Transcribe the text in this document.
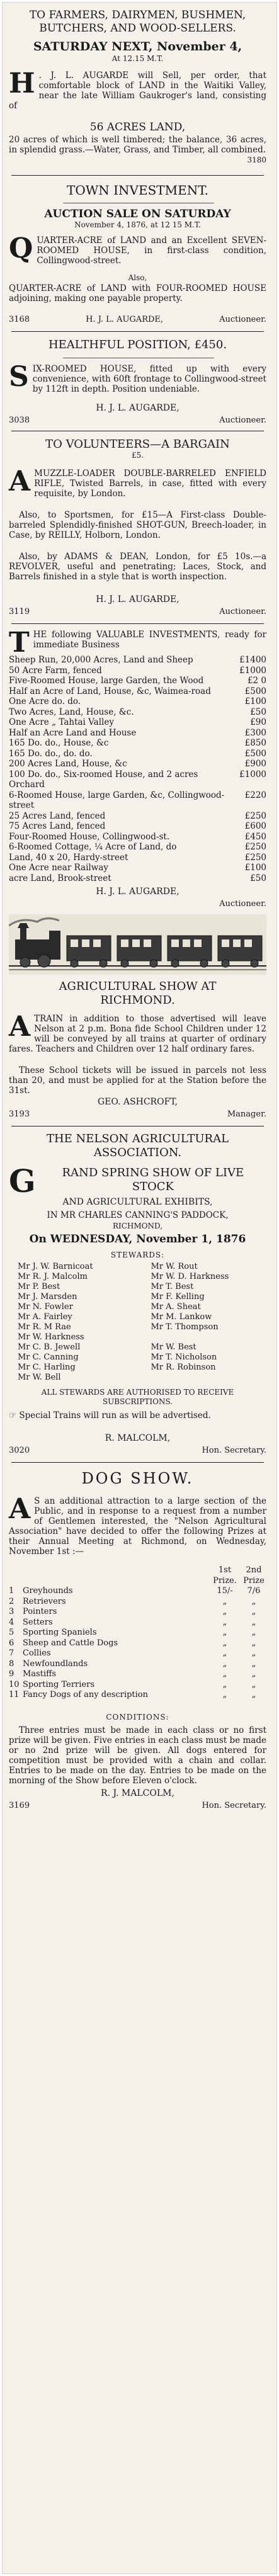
TO FARMERS, DAIRYMEN, BUSHMEN, BUTCHERS, AND WOOD-SELLERS.
SATURDAY NEXT, November 4,
At 12.15 M.T.
H . J. L. AUGARDE will Sell, per order, that comfortable block of LAND in the Waitiki Valley, near the late William Gaukroger's land, consisting of
56 ACRES LAND,
20 acres of which is well timbered; the balance, 36 acres, in splendid grass.—Water, Grass, and Timber, all combined.
3180
TOWN INVESTMENT.
AUCTION SALE ON SATURDAY
November 4, 1876, at 12 15 M.T.
QUARTER-ACRE of LAND and an Excellent SEVEN-ROOMED HOUSE, in first-class condition, Collingwood-street.
Also,
QUARTER-ACRE of LAND with FOUR-ROOMED HOUSE adjoining, making one payable property.
3168	H. J. L. AUGARDE,	Auctioneer.
HEALTHFUL POSITION, £450.
SIX-ROOMED HOUSE, fitted up with every convenience, with 60ft frontage to Collingwood-street by 112ft in depth. Position undeniable.
H. J. L. AUGARDE,
3038	Auctioneer.
TO VOLUNTEERS—A BARGAIN
£5.
AMUZZLE-LOADER DOUBLE-BARRELED ENFIELD RIFLE, Twisted Barrels, in case, fitted with every requisite, by London.
Also, to Sportsmen, for £15—A First-class Double-barreled Splendidly-finished SHOT-GUN, Breech-loader, in Case, by REILLY, Holborn, London.
Also, by ADAMS & DEAN, London, for £5 10s.—a REVOLVER, useful and penetrating; Laces, Stock, and Barrels finished in a style that is worth inspection.
H. J. L. AUGARDE,
3119	Auctioneer.
THE following VALUABLE INVESTMENTS, ready for immediate Business
Sheep Run, 20,000 Acres, Land and Sheep	£1400
50 Acre Farm, fenced	£1000
Five-Roomed House, large Garden, the Wood	£2 0
Half an Acre of Land, House, &c, Waimea-road	£500
One Acre do. do.	£100
Two Acres, Land, House, &c.	£50
One Acre „ Tahtai Valley	£90
Half an Acre Land and House	£300
165 Do. do., House, &c	£850
165 Do. do., do. do.	£500
200 Acres Land, House, &c	£900
100 Do. do., Six-roomed House, and 2 acres Orchard
£1000
6-Roomed House, large Garden, &c, Collingwood-street
£220
25 Acres Land, fenced	£250
75 Acres Land, fenced	£600
Four-Roomed House, Collingwood-st.	£450
6-Roomed Cottage, ¼ Acre of Land, do	£250
Land, 40 x 20, Hardy-street	£250
One Acre near Railway	£100
acre Land, Brook-street	£50
H. J. L. AUGARDE,
Auctioneer.
AGRICULTURAL SHOW AT RICHMOND.
ATRAIN in addition to those advertised will leave Nelson at 2 p.m. Bona fide School Children under 12 will be conveyed by all trains at quarter of ordinary fares. Teachers and Children over 12 half ordinary fares.
These School tickets will be issued in parcels not less than 20, and must be applied for at the Station before the 31st.
GEO. ASHCROFT,
3193	Manager.
THE NELSON AGRICULTURAL ASSOCIATION.
G	RAND SPRING SHOW OF LIVE STOCK
AND AGRICULTURAL EXHIBITS,
IN MR CHARLES CANNING'S PADDOCK,
RICHMOND,
On WEDNESDAY, November 1, 1876
STEWARDS:
Mr J. W. Barnicoat	Mr W. Rout
Mr R. J. Malcolm	Mr W. D. Harkness
Mr P. Best	Mr T. Best
Mr J. Marsden	Mr F. Kelling
Mr N. Fowler	Mr A. Sheat
Mr A. Fairley	Mr M. Lankow
Mr R. M Rae	Mr T. Thompson
Mr W. Harkness
Mr C. B. Jewell	Mr W. Best
Mr C. Canning	Mr T. Nicholson
Mr C. Harling	Mr R. Robinson
Mr W. Bell
ALL STEWARDS ARE AUTHORISED TO RECEIVE SUBSCRIPTIONS.
☞ Special Trains will run as will be advertised.
R. MALCOLM,
3020	Hon. Secretary.
DOG SHOW.
A S an additional attraction to a large section of the Public, and in response to a request from a number of Gentlemen interested, the "Nelson Agricultural Association" have decided to offer the following Prizes at their Annual Meeting at Richmond, on Wednesday, November 1st :—
1st	2nd
Prize. Prize
1	Greyhounds	15/-	7/6
2	Retrievers	„	„
3	Pointers	„	„
4	Setters	„	„
5	Sporting Spaniels	„	„
6	Sheep and Cattle Dogs	„	„
7	Collies	„	„
8	Newfoundlands	„	„
9	Mastiffs	„	„
10 Sporting Terriers	„	„
11 Fancy Dogs of any description	„	„
CONDITIONS:
Three entries must be made in each class or no first prize will be given. Five entries in each class must be made or no 2nd prize will be given. All dogs entered for competition must be provided with a chain and collar. Entries to be made on the day. Entries to be made on the morning of the Show before Eleven o'clock.
R. J. MALCOLM,
3169	Hon. Secretary.
